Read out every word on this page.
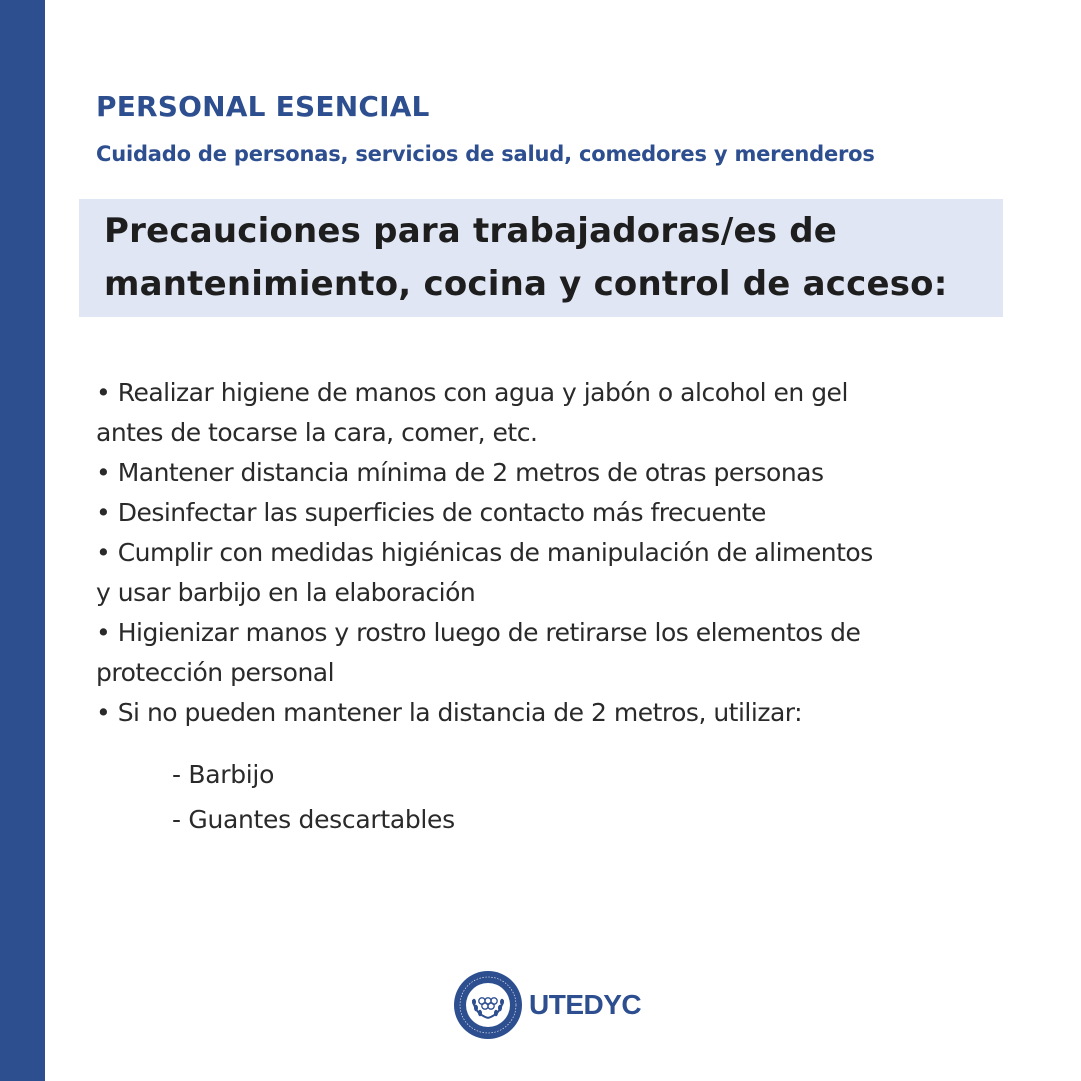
PERSONAL ESENCIAL
Cuidado de personas, servicios de salud, comedores y merenderos
Precauciones para trabajadoras/es de
mantenimiento, cocina y control de acceso:
• Realizar higiene de manos con agua y jabón o alcohol en gel
antes de tocarse la cara, comer, etc.
• Mantener distancia mínima de 2 metros de otras personas
• Desinfectar las superficies de contacto más frecuente
• Cumplir con medidas higiénicas de manipulación de alimentos
y usar barbijo en la elaboración
• Higienizar manos y rostro luego de retirarse los elementos de
protección personal
• Si no pueden mantener la distancia de 2 metros, utilizar:
- Barbijo
- Guantes descartables
UTEDYC
